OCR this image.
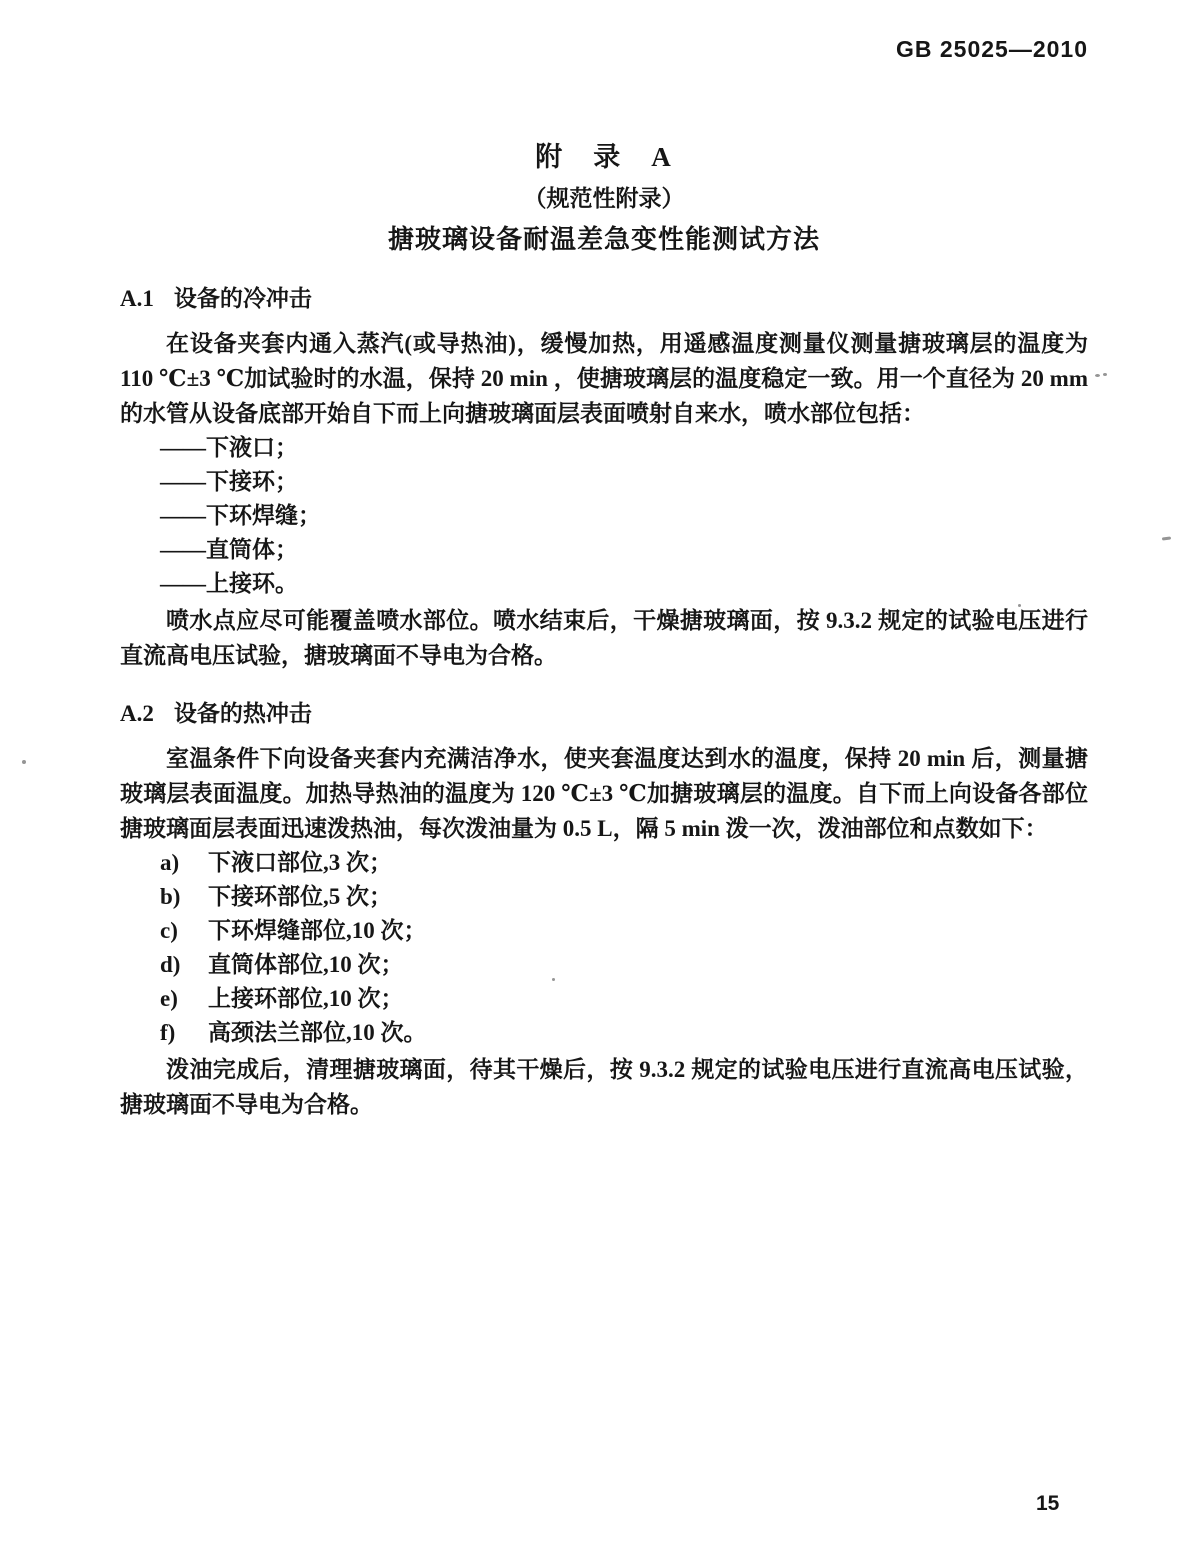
GB 25025—2010
附　录　A
（规范性附录）
搪玻璃设备耐温差急变性能测试方法
A.1 设备的冷冲击

在设备夹套内通入蒸汽(或导热油)，缓慢加热，用遥感温度测量仪测量搪玻璃层的温度为 110 ℃±3 ℃加试验时的水温，保持 20 min ，使搪玻璃层的温度稳定一致。用一个直径为 20 mm 的水管从设备底部开始自下而上向搪玻璃面层表面喷射自来水，喷水部位包括：

——下液口；
——下接环；
——下环焊缝；
——直筒体；
——上接环。

喷水点应尽可能覆盖喷水部位。喷水结束后，干燥搪玻璃面，按 9.3.2 规定的试验电压进行直流高电压试验，搪玻璃面不导电为合格。

A.2 设备的热冲击

室温条件下向设备夹套内充满洁净水，使夹套温度达到水的温度，保持 20 min 后，测量搪玻璃层表面温度。加热导热油的温度为 120 ℃±3 ℃加搪玻璃层的温度。自下而上向设备各部位搪玻璃面层表面迅速泼热油，每次泼油量为 0.5 L，隔 5 min 泼一次，泼油部位和点数如下：

a) 下液口部位,3 次；
b) 下接环部位,5 次；
c) 下环焊缝部位,10 次；
d) 直筒体部位,10 次；
e) 上接环部位,10 次；
f) 高颈法兰部位,10 次。

泼油完成后，清理搪玻璃面，待其干燥后，按 9.3.2 规定的试验电压进行直流高电压试验，搪玻璃面不导电为合格。

15
